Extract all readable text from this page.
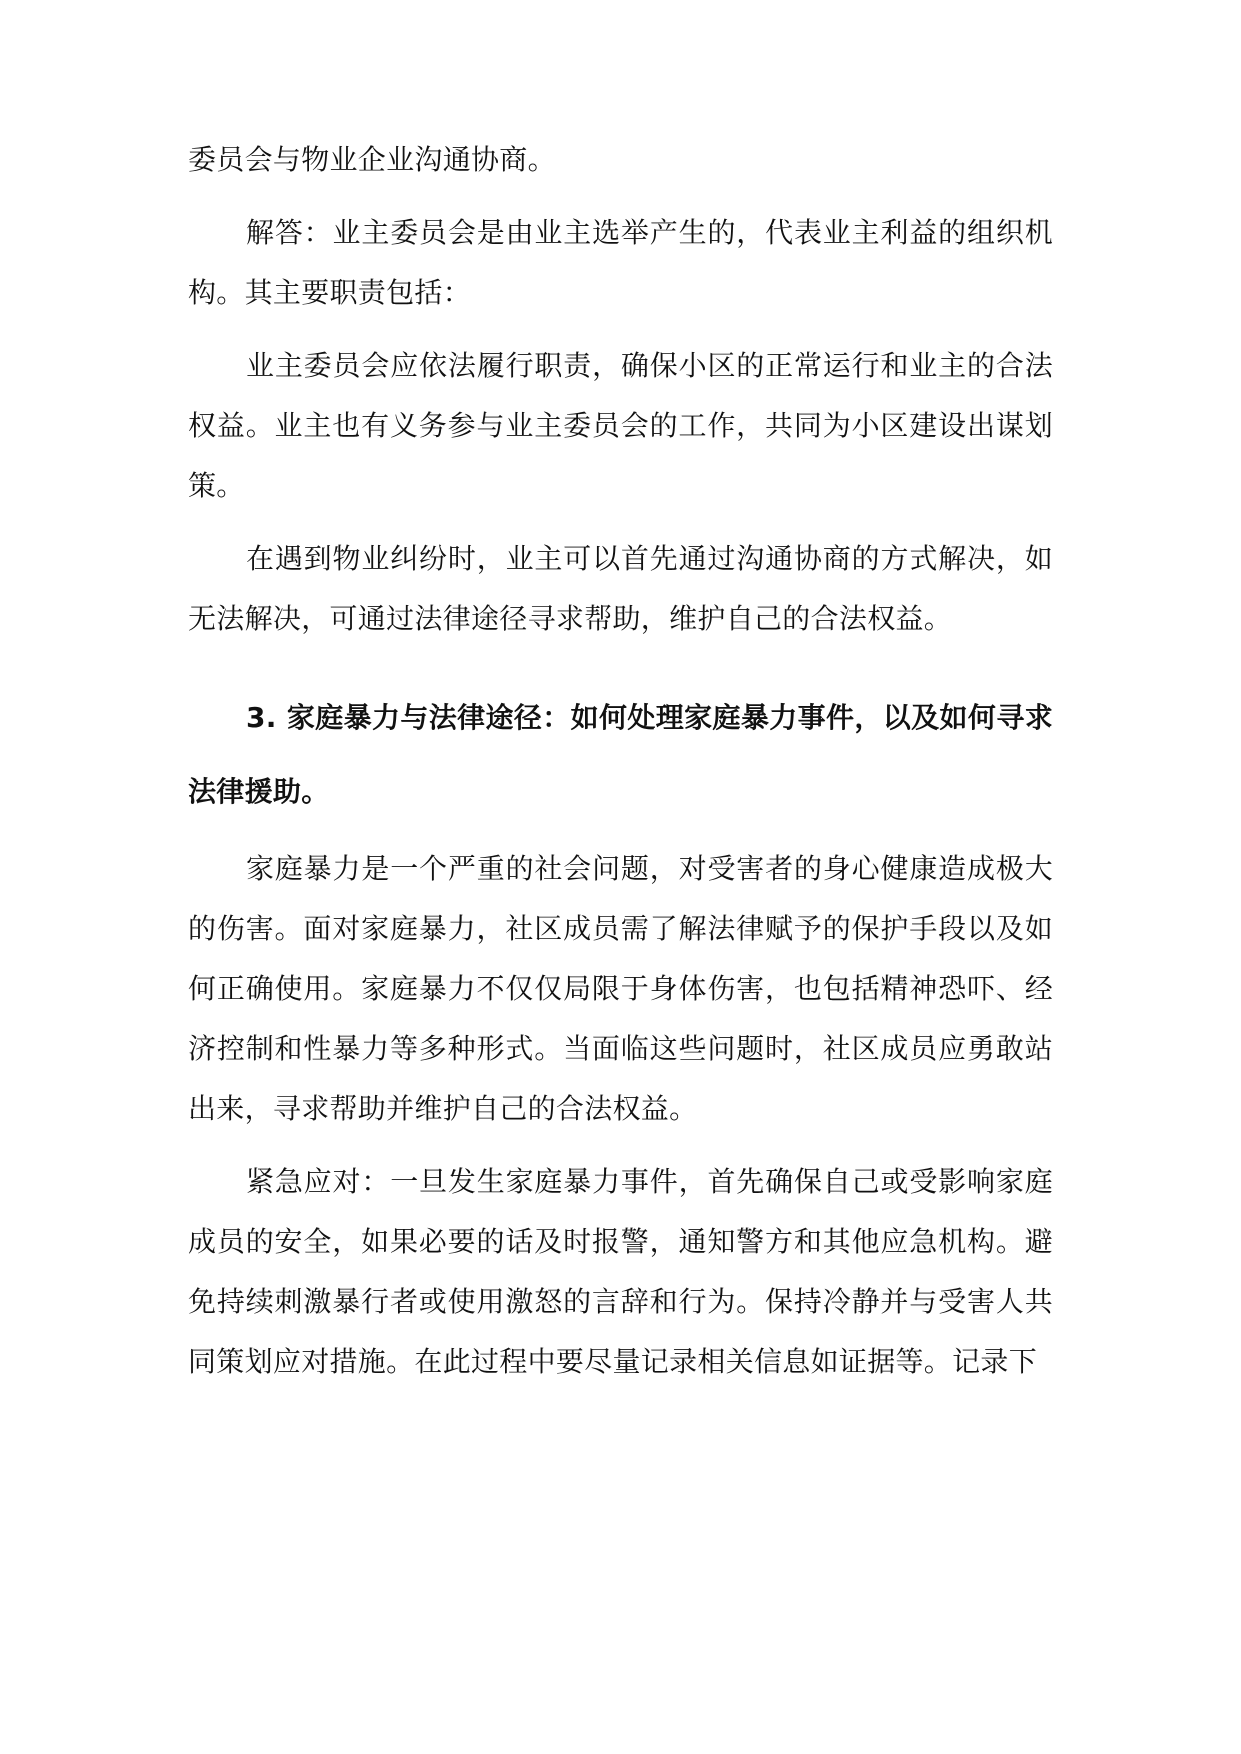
委员会与物业企业沟通协商。

解答：业主委员会是由业主选举产生的，代表业主利益的组织机构。其主要职责包括：

业主委员会应依法履行职责，确保小区的正常运行和业主的合法权益。业主也有义务参与业主委员会的工作，共同为小区建设出谋划策。

在遇到物业纠纷时，业主可以首先通过沟通协商的方式解决，如无法解决，可通过法律途径寻求帮助，维护自己的合法权益。

3. 家庭暴力与法律途径：如何处理家庭暴力事件，以及如何寻求法律援助。

家庭暴力是一个严重的社会问题，对受害者的身心健康造成极大的伤害。面对家庭暴力，社区成员需了解法律赋予的保护手段以及如何正确使用。家庭暴力不仅仅局限于身体伤害，也包括精神恐吓、经济控制和性暴力等多种形式。当面临这些问题时，社区成员应勇敢站出来，寻求帮助并维护自己的合法权益。

紧急应对：一旦发生家庭暴力事件，首先确保自己或受影响家庭成员的安全，如果必要的话及时报警，通知警方和其他应急机构。避免持续刺激暴行者或使用激怒的言辞和行为。保持冷静并与受害人共同策划应对措施。在此过程中要尽量记录相关信息如证据等。记录下
